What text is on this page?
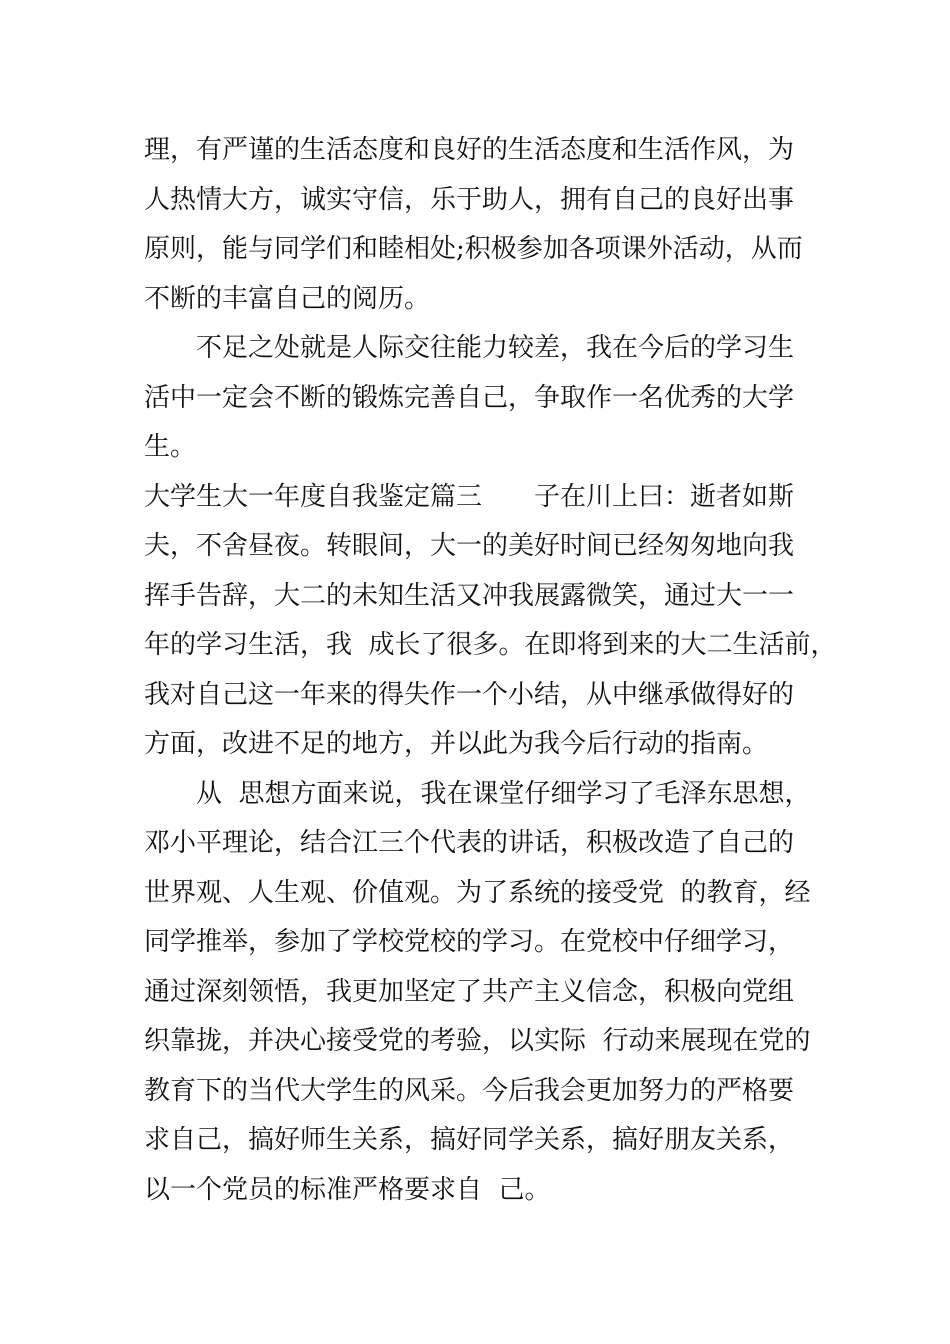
理，有严谨的生活态度和良好的生活态度和生活作风，为
人热情大方，诚实守信，乐于助人，拥有自己的良好出事
原则，能与同学们和睦相处;积极参加各项课外活动，从而
不断的丰富自己的阅历。
　　不足之处就是人际交往能力较差，我在今后的学习生
活中一定会不断的锻炼完善自己，争取作一名优秀的大学
生。
大学生大一年度自我鉴定篇三　　子在川上曰：逝者如斯
夫，不舍昼夜。转眼间，大一的美好时间已经匆匆地向我
挥手告辞，大二的未知生活又冲我展露微笑，通过大一一
年的学习生活，我  成长了很多。在即将到来的大二生活前，
我对自己这一年来的得失作一个小结，从中继承做得好的
方面，改进不足的地方，并以此为我今后行动的指南。
　　从  思想方面来说，我在课堂仔细学习了毛泽东思想，
邓小平理论，结合江三个代表的讲话，积极改造了自己的
世界观、人生观、价值观。为了系统的接受党  的教育，经
同学推举，参加了学校党校的学习。在党校中仔细学习，
通过深刻领悟，我更加坚定了共产主义信念，积极向党组
织靠拢，并决心接受党的考验，以实际  行动来展现在党的
教育下的当代大学生的风采。今后我会更加努力的严格要
求自己，搞好师生关系，搞好同学关系，搞好朋友关系，
以一个党员的标准严格要求自  己。
